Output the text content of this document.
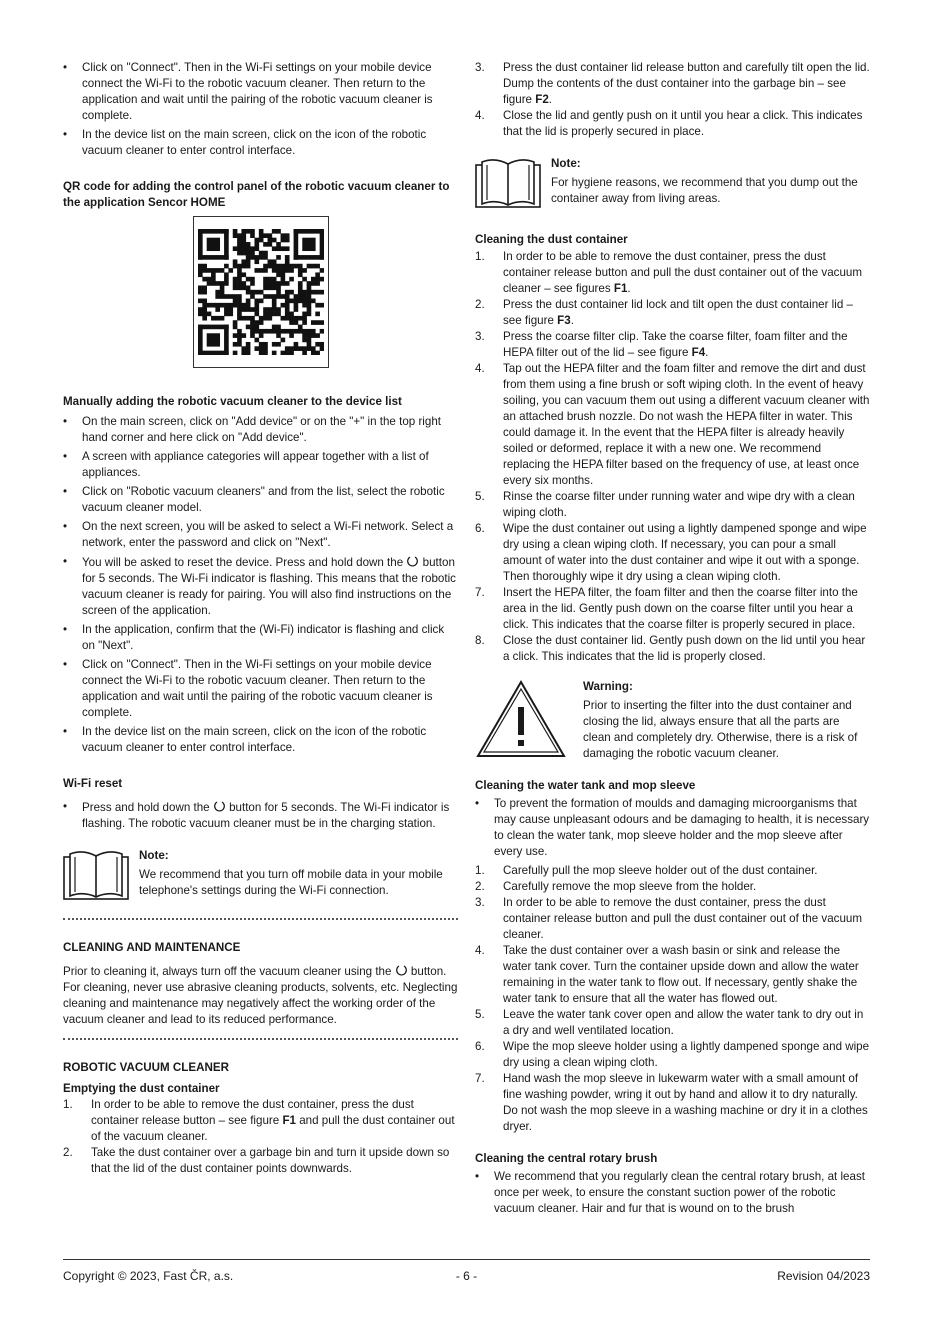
• Click on "Connect". Then in the Wi-Fi settings on your mobile device connect the Wi-Fi to the robotic vacuum cleaner. Then return to the application and wait until the pairing of the robotic vacuum cleaner is complete.
• In the device list on the main screen, click on the icon of the robotic vacuum cleaner to enter control interface.

QR code for adding the control panel of the robotic vacuum cleaner to the application Sencor HOME

Manually adding the robotic vacuum cleaner to the device list

• On the main screen, click on "Add device" or on the "+" in the top right hand corner and here click on "Add device".
• A screen with appliance categories will appear together with a list of appliances.
• Click on "Robotic vacuum cleaners" and from the list, select the robotic vacuum cleaner model.
• On the next screen, you will be asked to select a Wi-Fi network. Select a network, enter the password and click on "Next".
• You will be asked to reset the device. Press and hold down the button for 5 seconds. The Wi-Fi indicator is flashing. This means that the robotic vacuum cleaner is ready for pairing. You will also find instructions on the screen of the application.
• In the application, confirm that the (Wi-Fi) indicator is flashing and click on "Next".
• Click on "Connect". Then in the Wi-Fi settings on your mobile device connect the Wi-Fi to the robotic vacuum cleaner. Then return to the application and wait until the pairing of the robotic vacuum cleaner is complete.
• In the device list on the main screen, click on the icon of the robotic vacuum cleaner to enter control interface.

Wi-Fi reset

• Press and hold down the button for 5 seconds. The Wi-Fi indicator is flashing. The robotic vacuum cleaner must be in the charging station.

Note:

We recommend that you turn off mobile data in your mobile telephone's settings during the Wi-Fi connection.

CLEANING AND MAINTENANCE

Prior to cleaning it, always turn off the vacuum cleaner using the button.

For cleaning, never use abrasive cleaning products, solvents, etc. Neglecting cleaning and maintenance may negatively affect the working order of the vacuum cleaner and lead to its reduced performance.

ROBOTIC VACUUM CLEANER

Emptying the dust container

1. In order to be able to remove the dust container, press the dust container release button – see figure F1 and pull the dust container out of the vacuum cleaner.
2. Take the dust container over a garbage bin and turn it upside down so that the lid of the dust container points downwards.
3. Press the dust container lid release button and carefully tilt open the lid. Dump the contents of the dust container into the garbage bin – see figure F2.
4. Close the lid and gently push on it until you hear a click. This indicates that the lid is properly secured in place.

Note:

For hygiene reasons, we recommend that you dump out the container away from living areas.

Cleaning the dust container

1. In order to be able to remove the dust container, press the dust container release button and pull the dust container out of the vacuum cleaner – see figures F1.
2. Press the dust container lid lock and tilt open the dust container lid – see figure F3.
3. Press the coarse filter clip. Take the coarse filter, foam filter and the HEPA filter out of the lid – see figure F4.
4. Tap out the HEPA filter and the foam filter and remove the dirt and dust from them using a fine brush or soft wiping cloth. In the event of heavy soiling, you can vacuum them out using a different vacuum cleaner with an attached brush nozzle. Do not wash the HEPA filter in water. This could damage it. In the event that the HEPA filter is already heavily soiled or deformed, replace it with a new one. We recommend replacing the HEPA filter based on the frequency of use, at least once every six months.
5. Rinse the coarse filter under running water and wipe dry with a clean wiping cloth.
6. Wipe the dust container out using a lightly dampened sponge and wipe dry using a clean wiping cloth. If necessary, you can pour a small amount of water into the dust container and wipe it out with a sponge. Then thoroughly wipe it dry using a clean wiping cloth.
7. Insert the HEPA filter, the foam filter and then the coarse filter into the area in the lid. Gently push down on the coarse filter until you hear a click. This indicates that the coarse filter is properly secured in place.
8. Close the dust container lid. Gently push down on the lid until you hear a click. This indicates that the lid is properly closed.

Warning:

Prior to inserting the filter into the dust container and closing the lid, always ensure that all the parts are clean and completely dry. Otherwise, there is a risk of damaging the robotic vacuum cleaner.

Cleaning the water tank and mop sleeve

• To prevent the formation of moulds and damaging microorganisms that may cause unpleasant odours and be damaging to health, it is necessary to clean the water tank, mop sleeve holder and the mop sleeve after every use.
1. Carefully pull the mop sleeve holder out of the dust container.
2. Carefully remove the mop sleeve from the holder.
3. In order to be able to remove the dust container, press the dust container release button and pull the dust container out of the vacuum cleaner.
4. Take the dust container over a wash basin or sink and release the water tank cover. Turn the container upside down and allow the water remaining in the water tank to flow out. If necessary, gently shake the water tank to ensure that all the water has flowed out.
5. Leave the water tank cover open and allow the water tank to dry out in a dry and well ventilated location.
6. Wipe the mop sleeve holder using a lightly dampened sponge and wipe dry using a clean wiping cloth.
7. Hand wash the mop sleeve in lukewarm water with a small amount of fine washing powder, wring it out by hand and allow it to dry naturally. Do not wash the mop sleeve in a washing machine or dry it in a clothes dryer.

Cleaning the central rotary brush

• We recommend that you regularly clean the central rotary brush, at least once per week, to ensure the constant suction power of the robotic vacuum cleaner. Hair and fur that is wound on to the brush
Copyright © 2023, Fast ČR, a.s.	- 6 -	Revision 04/2023
